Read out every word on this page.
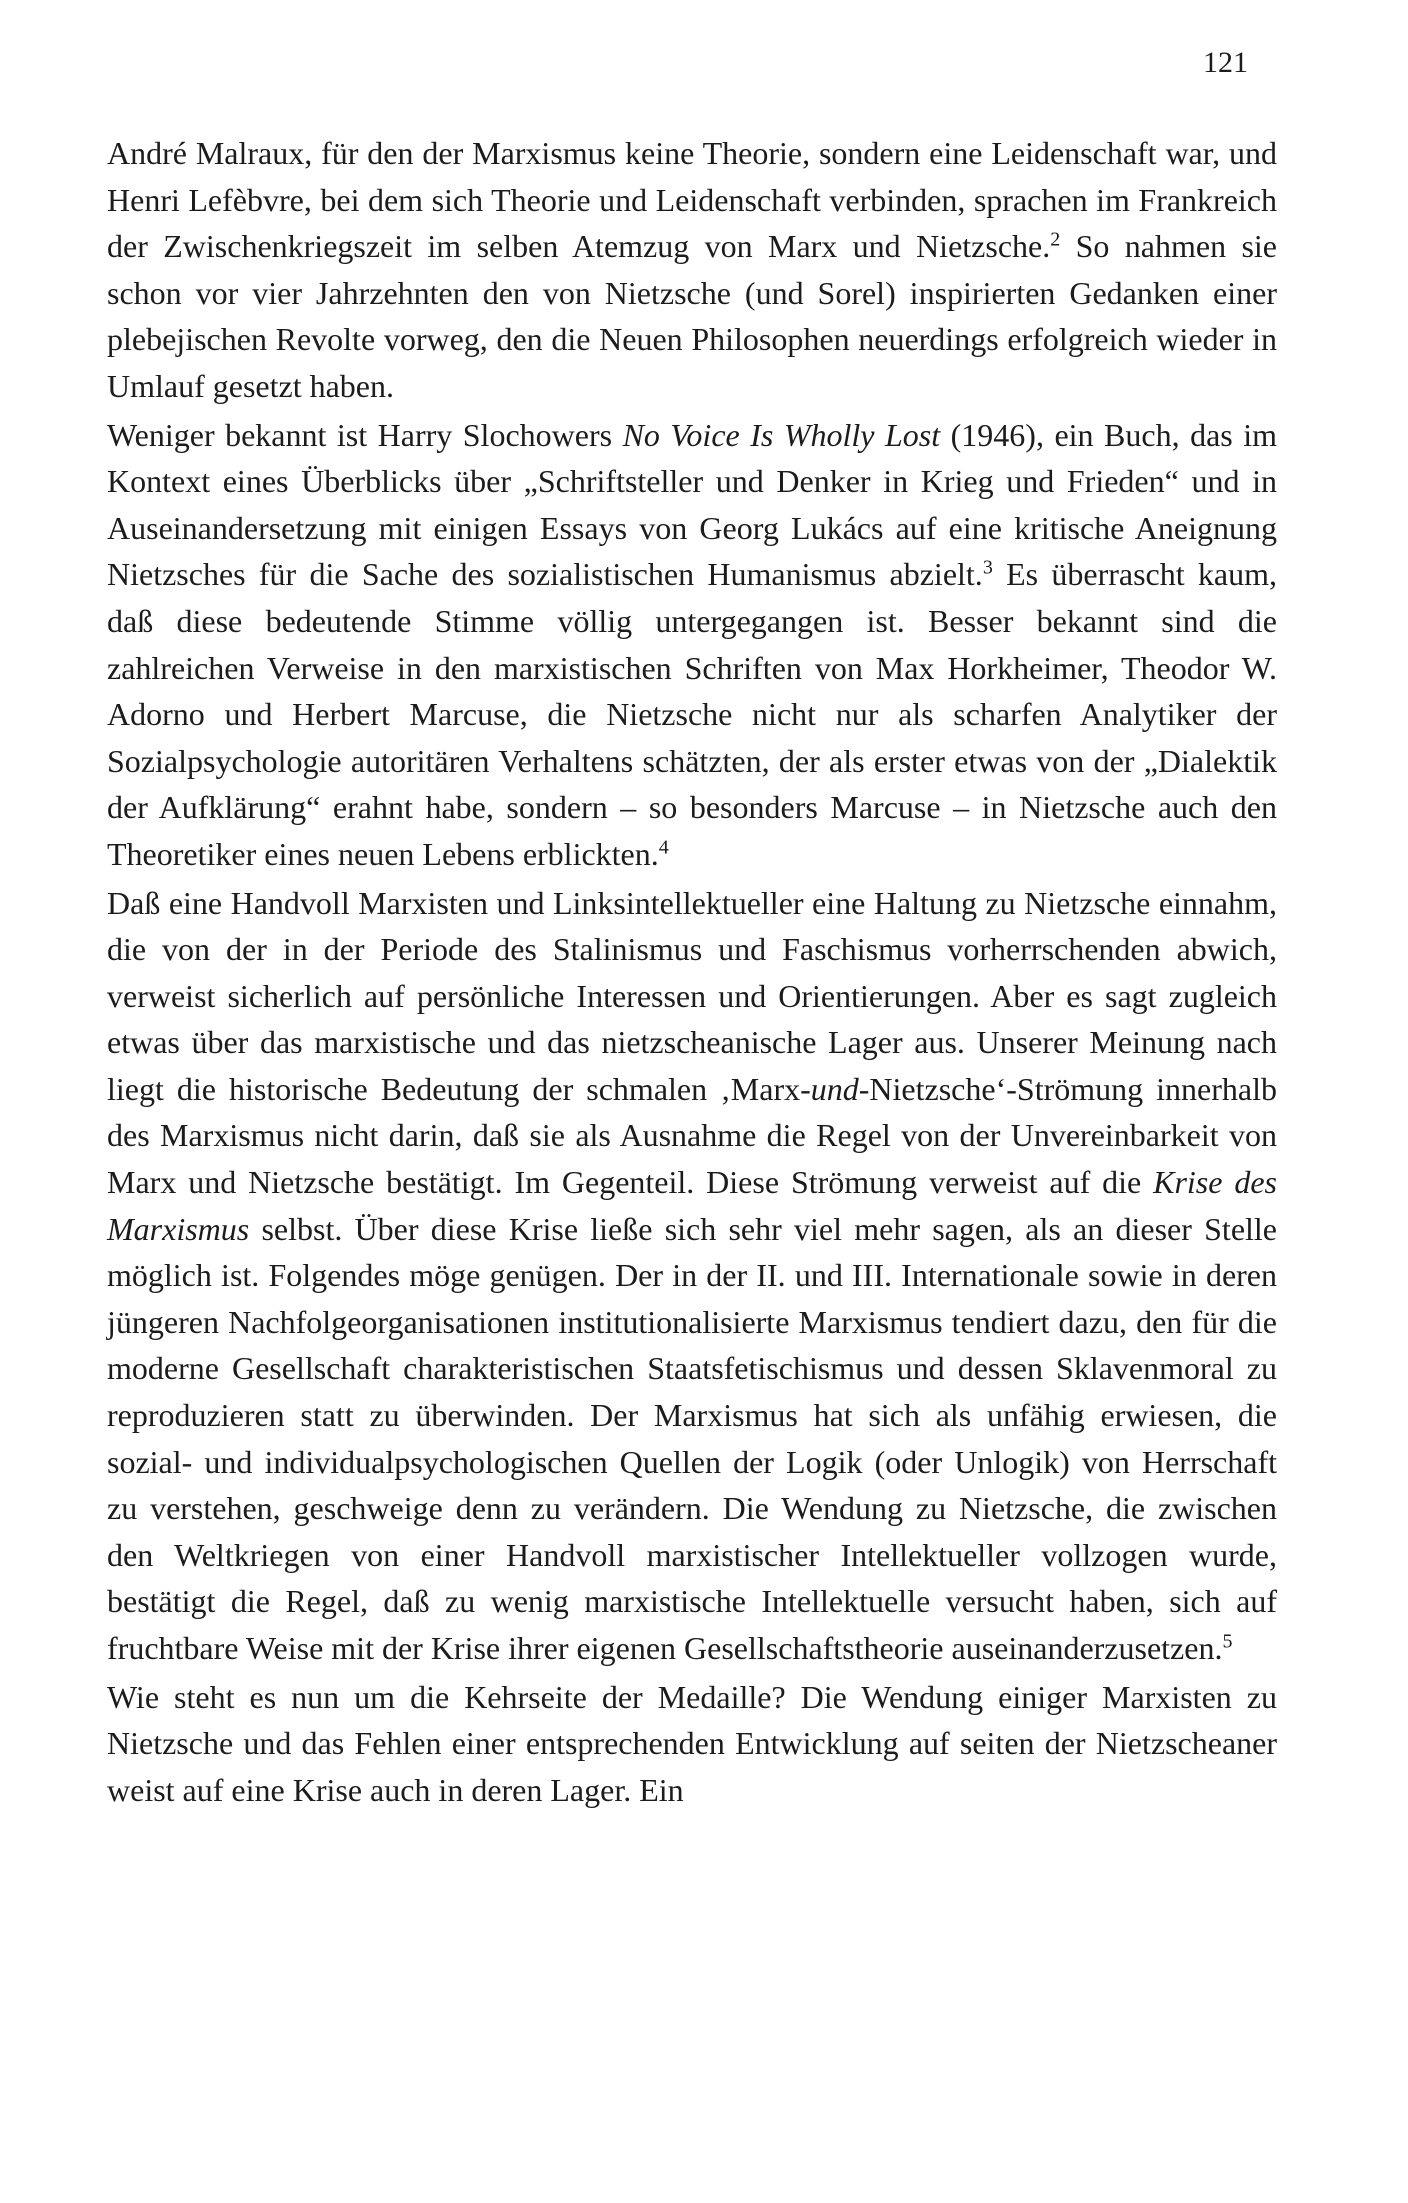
121

André Malraux, für den der Marxismus keine Theorie, sondern eine Leidenschaft war, und Henri Lefèbvre, bei dem sich Theorie und Leidenschaft verbinden, sprachen im Frankreich der Zwischenkriegszeit im selben Atemzug von Marx und Nietzsche.$^2$ So nahmen sie schon vor vier Jahrzehnten den von Nietzsche (und Sorel) inspirierten Gedanken einer plebejischen Revolte vorweg, den die Neuen Philosophen neuerdings erfolgreich wieder in Umlauf gesetzt haben.

Weniger bekannt ist Harry Slochowers No Voice Is Wholly Lost (1946), ein Buch, das im Kontext eines Überblicks über „Schriftsteller und Denker in Krieg und Frieden“ und in Auseinandersetzung mit einigen Essays von Georg Lukács auf eine kritische Aneignung Nietzsches für die Sache des sozialistischen Humanismus abzielt.$^3$ Es überrascht kaum, daß diese bedeutende Stimme völlig untergegangen ist. Besser bekannt sind die zahlreichen Verweise in den marxistischen Schriften von Max Horkheimer, Theodor W. Adorno und Herbert Marcuse, die Nietzsche nicht nur als scharfen Analytiker der Sozialpsychologie autoritären Verhaltens schätzten, der als erster etwas von der „Dialektik der Aufklärung“ erahnt habe, sondern – so besonders Marcuse – in Nietzsche auch den Theoretiker eines neuen Lebens erblickten.$^4$

Daß eine Handvoll Marxisten und Linksintellektueller eine Haltung zu Nietzsche einnahm, die von der in der Periode des Stalinismus und Faschismus vorherrschenden abwich, verweist sicherlich auf persönliche Interessen und Orientierungen. Aber es sagt zugleich etwas über das marxistische und das nietzscheanische Lager aus. Unserer Meinung nach liegt die historische Bedeutung der schmalen ‚Marx-und-Nietzsche‘-Strömung innerhalb des Marxismus nicht darin, daß sie als Ausnahme die Regel von der Unvereinbarkeit von Marx und Nietzsche bestätigt. Im Gegenteil. Diese Strömung verweist auf die Krise des Marxismus selbst. Über diese Krise ließe sich sehr viel mehr sagen, als an dieser Stelle möglich ist. Folgendes möge genügen. Der in der II. und III. Internationale sowie in deren jüngeren Nachfolgeorganisationen institutionalisierte Marxismus tendiert dazu, den für die moderne Gesellschaft charakteristischen Staatsfetischismus und dessen Sklavenmoral zu reproduzieren statt zu überwinden. Der Marxismus hat sich als unfähig erwiesen, die sozial- und individualpsychologischen Quellen der Logik (oder Unlogik) von Herrschaft zu verstehen, geschweige denn zu verändern. Die Wendung zu Nietzsche, die zwischen den Weltkriegen von einer Handvoll marxistischer Intellektueller vollzogen wurde, bestätigt die Regel, daß zu wenig marxistische Intellektuelle versucht haben, sich auf fruchtbare Weise mit der Krise ihrer eigenen Gesellschaftstheorie auseinanderzusetzen.$^5$

Wie steht es nun um die Kehrseite der Medaille? Die Wendung einiger Marxisten zu Nietzsche und das Fehlen einer entsprechenden Entwicklung auf seiten der Nietzscheaner weist auf eine Krise auch in deren Lager. Ein
